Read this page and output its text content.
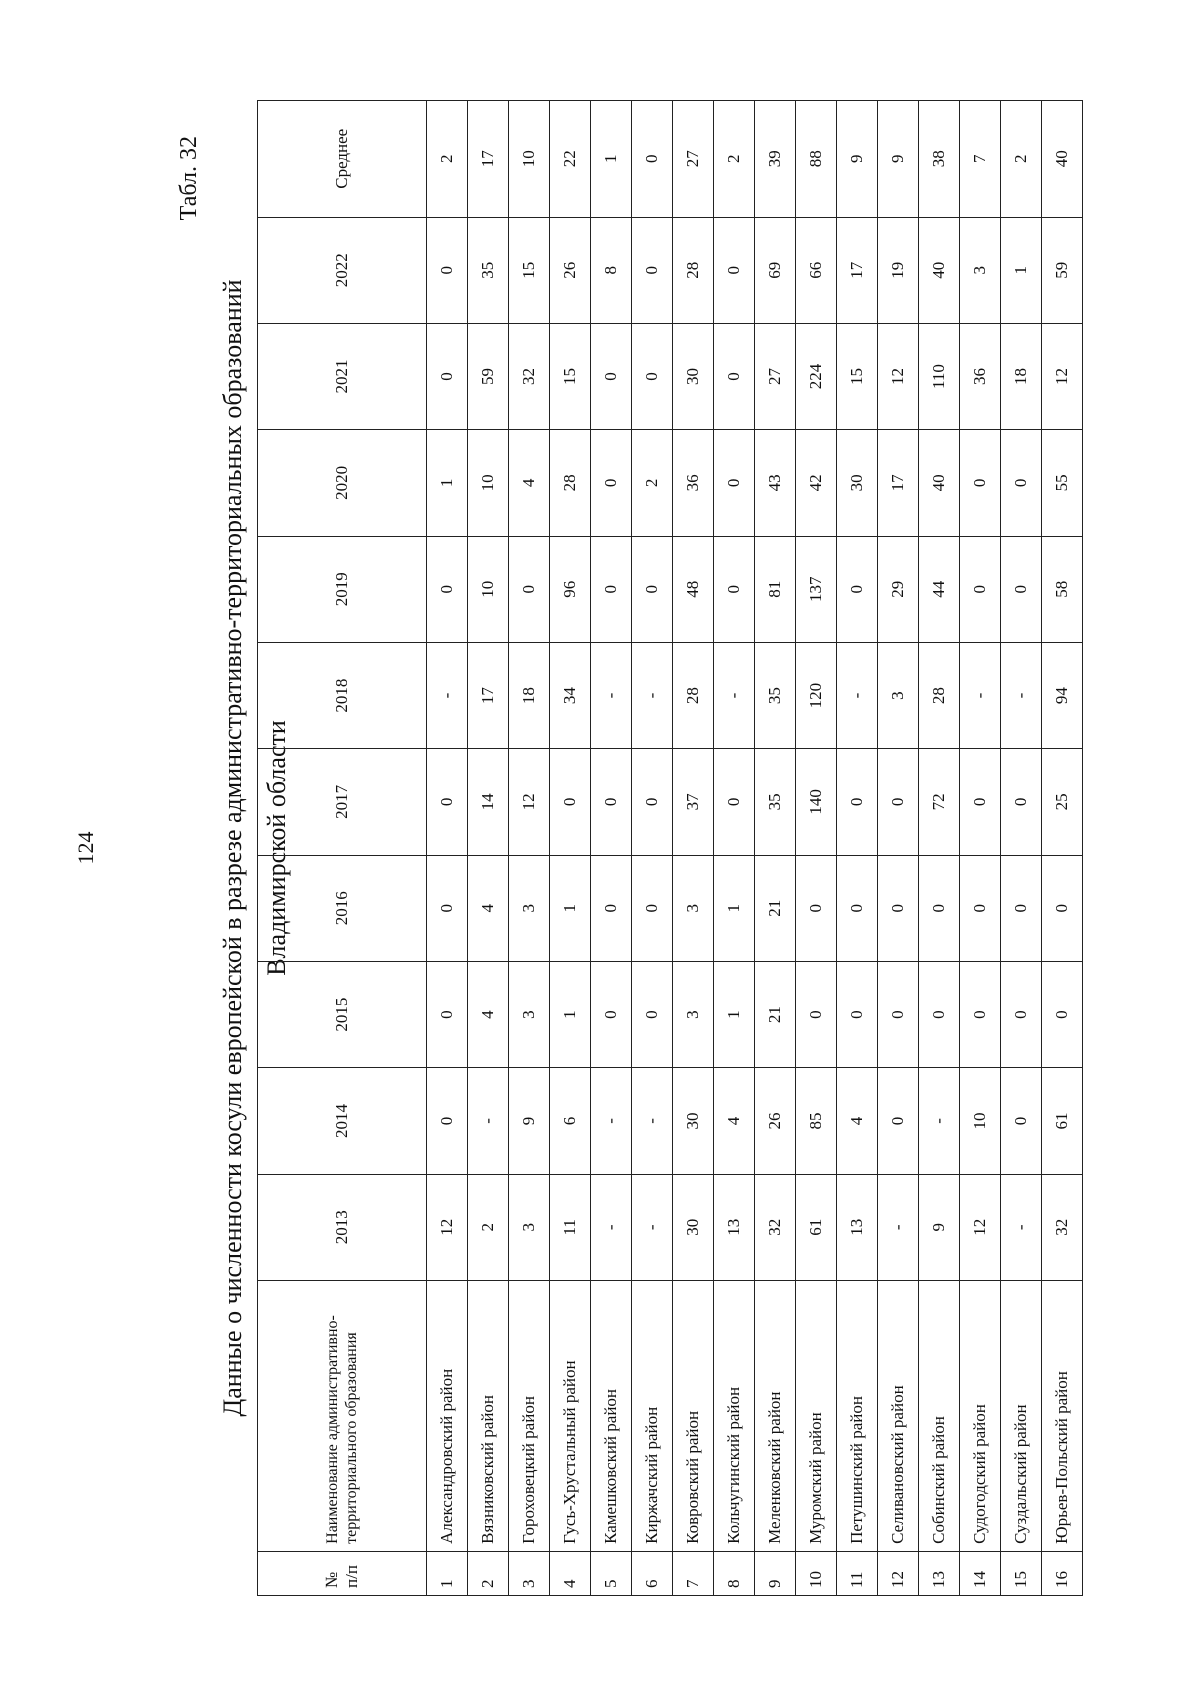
124
Табл. 32
Данные о численности косули европейской в разрезе административно-территориальных образований Владимирской области
№ п/п	Наименование административно-территориального образования	2013	2014	2015	2016	2017	2018	2019	2020	2021	2022	Среднее
1	Александровский район	12	0	0	0	0	-	0	1	0	0	2
2	Вязниковский район	2	-	4	4	14	17	10	10	59	35	17
3	Гороховецкий район	3	9	3	3	12	18	0	4	32	15	10
4	Гусь-Хрустальный район	11	6	1	1	0	34	96	28	15	26	22
5	Камешковский район	-	-	0	0	0	-	0	0	0	8	1
6	Киржачский район	-	-	0	0	0	-	0	2	0	0	0
7	Ковровский район	30	30	3	3	37	28	48	36	30	28	27
8	Кольчугинский район	13	4	1	1	0	-	0	0	0	0	2
9	Меленковский район	32	26	21	21	35	35	81	43	27	69	39
10	Муромский район	61	85	0	0	140	120	137	42	224	66	88
11	Петушинский район	13	4	0	0	0	-	0	30	15	17	9
12	Селивановский район	-	0	0	0	0	3	29	17	12	19	9
13	Собинский район	9	-	0	0	72	28	44	40	110	40	38
14	Судогодский район	12	10	0	0	0	-	0	0	36	3	7
15	Суздальский район	-	0	0	0	0	-	0	0	18	1	2
16	Юрьев-Польский район	32	61	0	0	25	94	58	55	12	59	40
